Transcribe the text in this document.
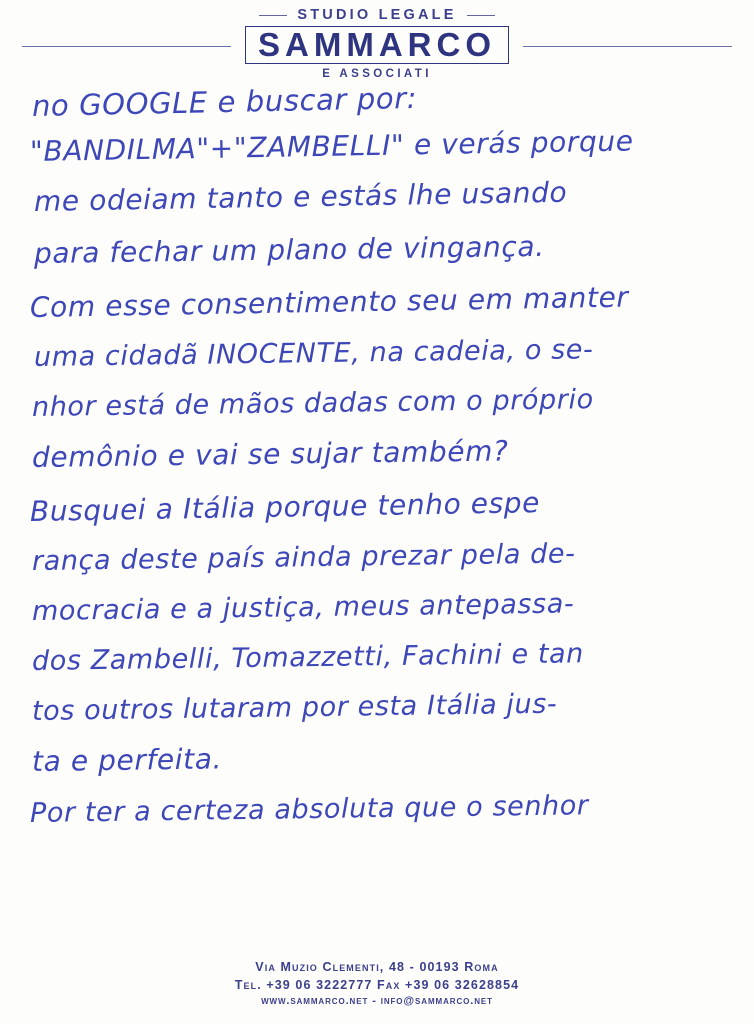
STUDIO LEGALE
SAMMARCO
E ASSOCIATI
no GOOGLE e buscar por:
"BANDILMA"+"ZAMBELLI" e verás porque
me odeiam tanto e estás lhe usando
para fechar um plano de vingança.
Com esse consentimento seu em manter
uma cidadã INOCENTE, na cadeia, o se-
nhor está de mãos dadas com o próprio
demônio e vai se sujar também?
Busquei a Itália porque tenho espe
rança deste país ainda prezar pela de-
mocracia e a justiça, meus antepassa-
dos Zambelli, Tomazzetti, Fachini e tan
tos outros lutaram por esta Itália jus-
ta e perfeita.
Por ter a certeza absoluta que o senhor
Via Muzio Clementi, 48 - 00193 Roma
Tel. +39 06 3222777 Fax +39 06 32628854
www.sammarco.net - info@sammarco.net
